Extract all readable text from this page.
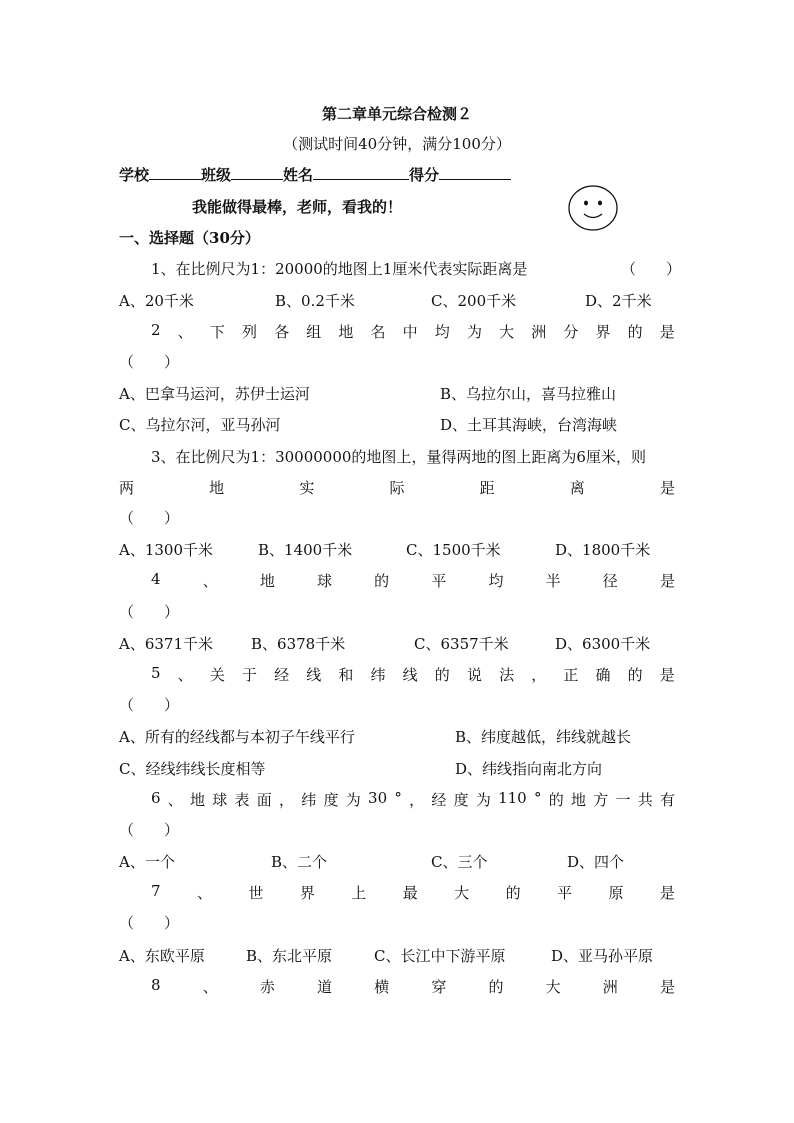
第二章单元综合检测２
（测试时间40分钟，满分100分）
学校	班级	姓名	得分
我能做得最棒，老师，看我的！
一、选择题（30分）
1、在比例尺为1：20000的地图上1厘米代表实际距离是	（　　）
A、20千米	B、0.2千米	C、200千米	D、2千米
2 、 下 列 各 组 地 名 中 均 为 大 洲 分 界 的 是
（　　）
A、巴拿马运河，苏伊士运河	B、乌拉尔山，喜马拉雅山
C、乌拉尔河，亚马孙河	D、土耳其海峡，台湾海峡
3、在比例尺为1：30000000的地图上，量得两地的图上距离为6厘米，则
两	地	实	际	距	离	是
（　　）
A、1300千米	B、1400千米	C、1500千米	D、1800千米
4	、	地	球	的	平	均	半	径	是
（　　）
A、6371千米	B、6378千米	C、6357千米	D、6300千米
5 、 关 于 经 线 和 纬 线 的 说 法 ， 正 确 的 是
（　　）
A、所有的经线都与本初子午线平行	B、纬度越低，纬线就越长
C、经线纬线长度相等	D、纬线指向南北方向
6 、 地 球 表 面 ， 纬 度 为 30 ° ， 经 度 为 110 ° 的 地 方 一 共 有
（　　）
A、一个	B、二个	C、三个	D、四个
7 、 世 界 上 最 大 的 平 原 是
（　　）
A、东欧平原	B、东北平原	C、长江中下游平原	D、亚马孙平原
8	、	赤	道	横	穿	的	大	洲	是
